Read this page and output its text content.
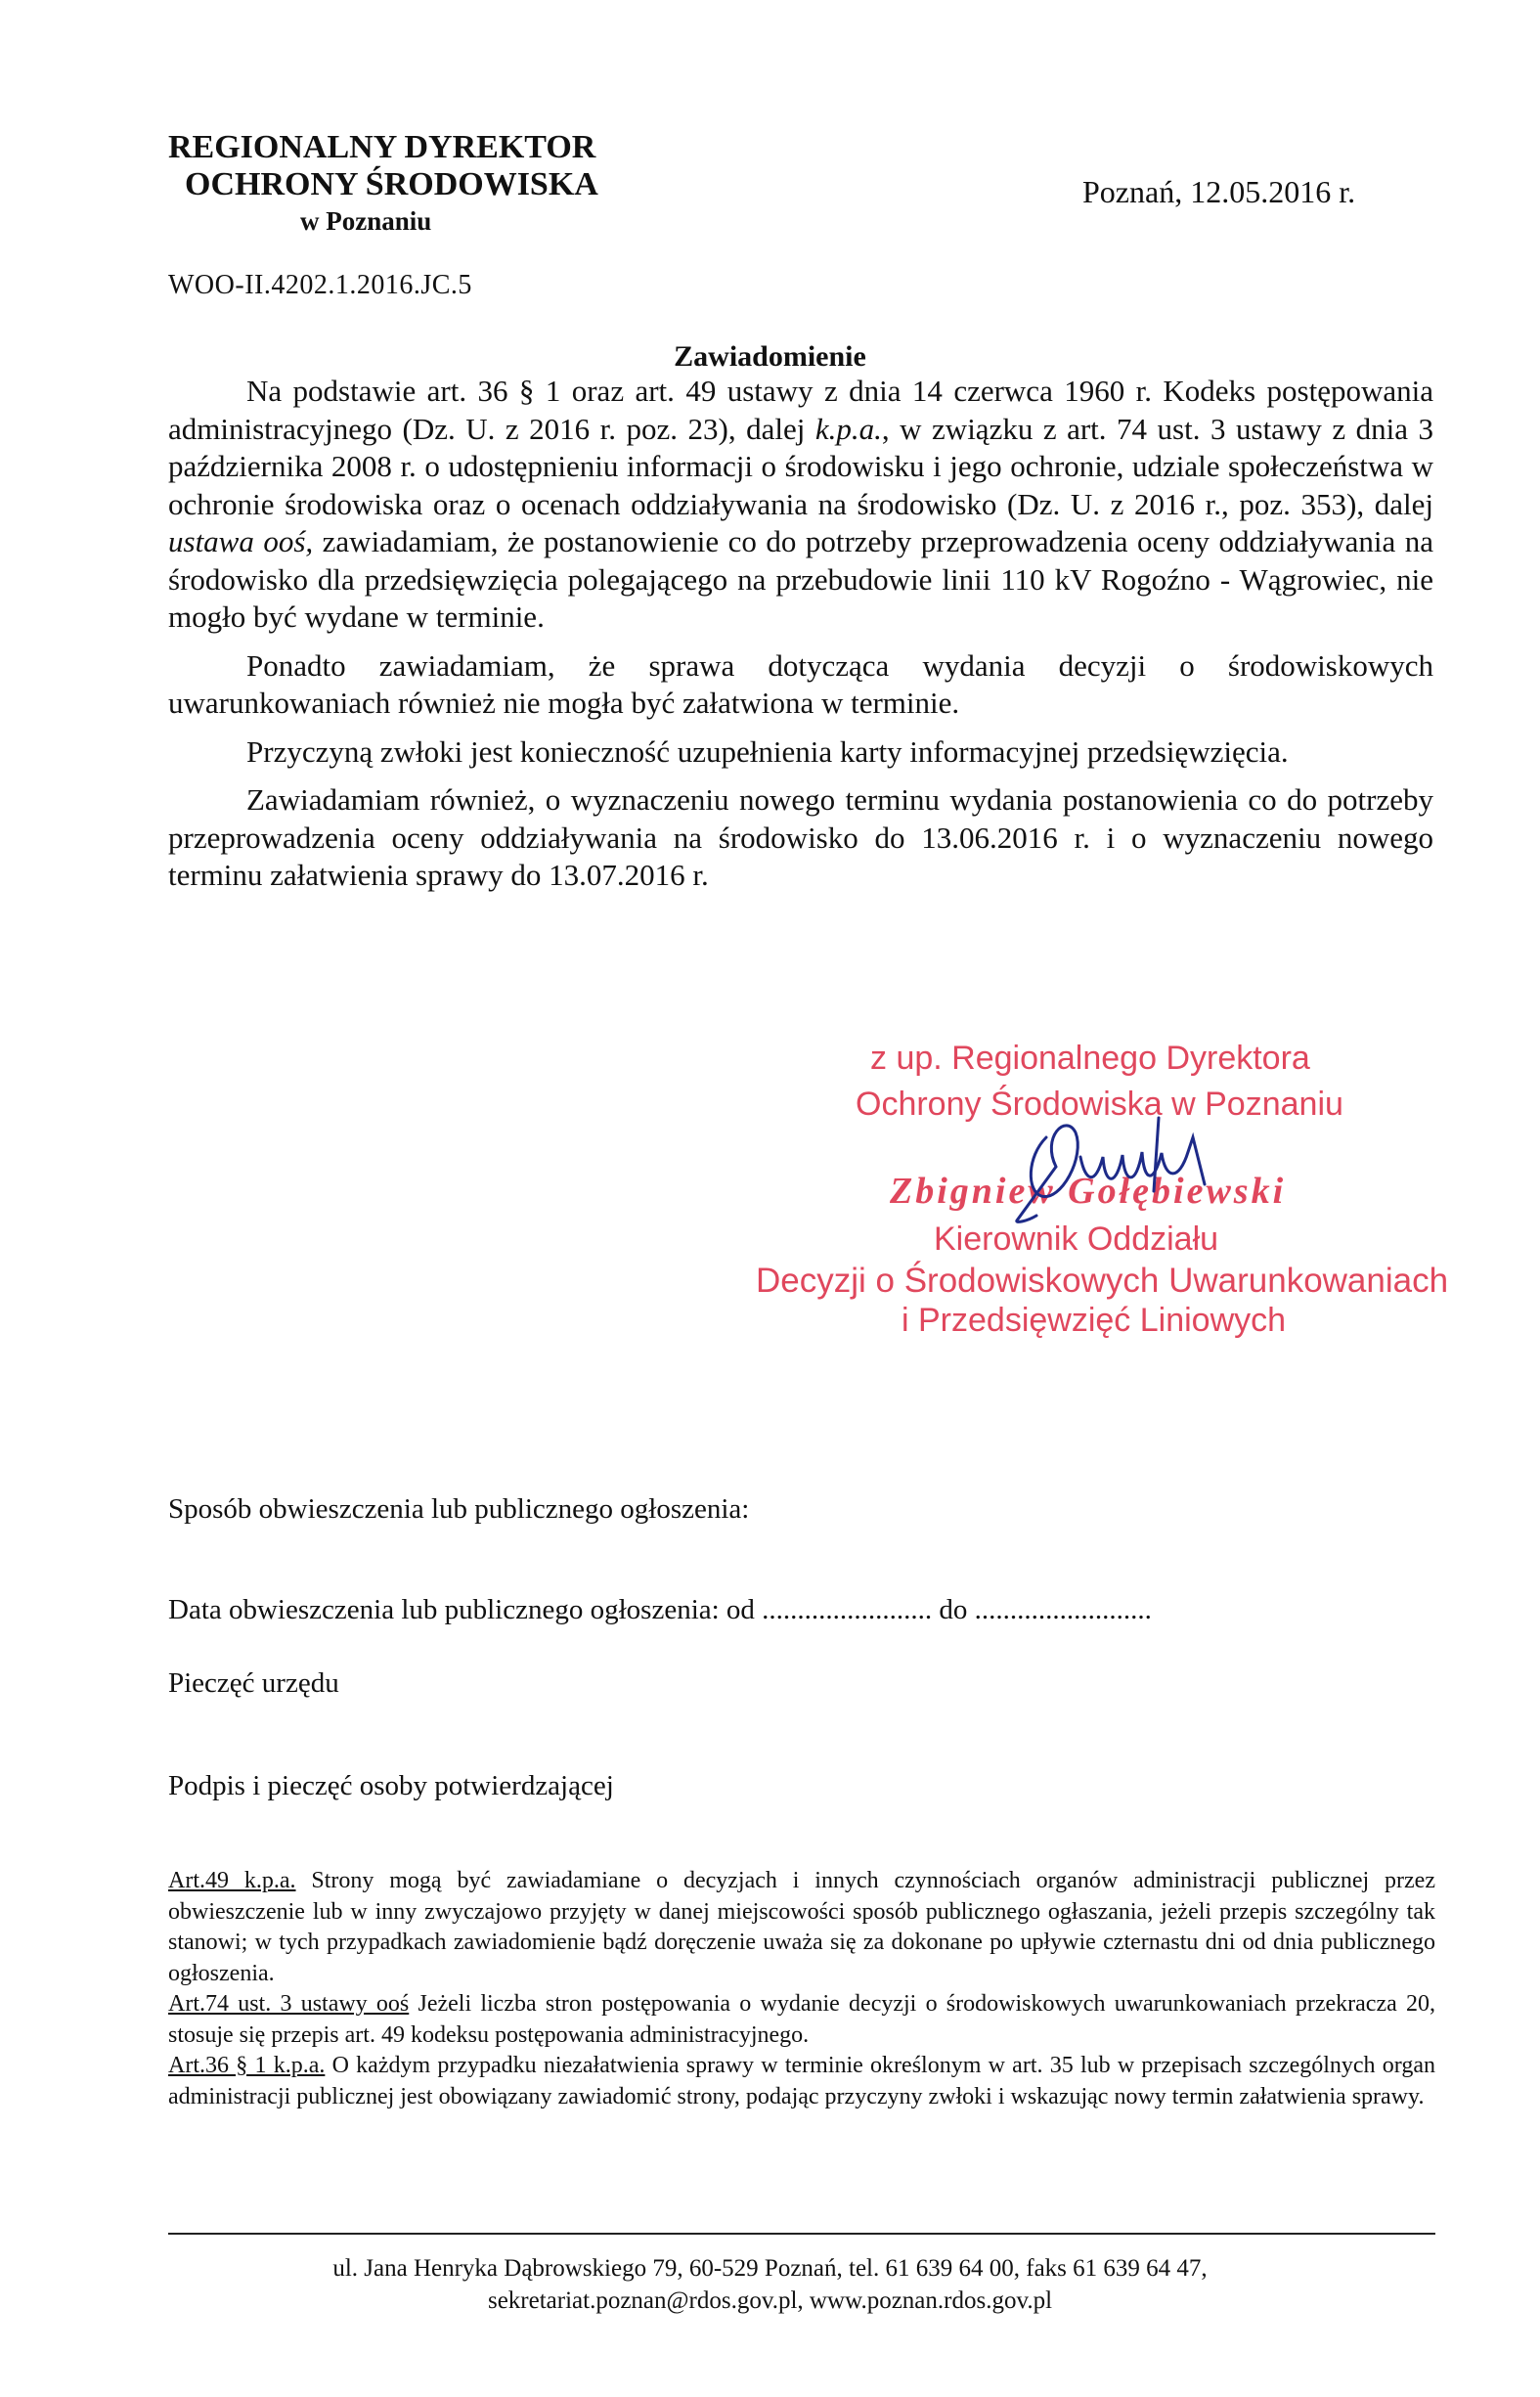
REGIONALNY DYREKTOR
OCHRONY ŚRODOWISKA
w Poznaniu
WOO-II.4202.1.2016.JC.5
Poznań, 12.05.2016 r.
Zawiadomienie

Na podstawie art. 36 § 1 oraz art. 49 ustawy z dnia 14 czerwca 1960 r. Kodeks postępowania administracyjnego (Dz. U. z 2016 r. poz. 23), dalej k.p.a., w związku z art. 74 ust. 3 ustawy z dnia 3 października 2008 r. o udostępnieniu informacji o środowisku i jego ochronie, udziale społeczeństwa w ochronie środowiska oraz o ocenach oddziaływania na środowisko (Dz. U. z 2016 r., poz. 353), dalej ustawa ooś, zawiadamiam, że postanowienie co do potrzeby przeprowadzenia oceny oddziaływania na środowisko dla przedsięwzięcia polegającego na przebudowie linii 110 kV Rogoźno - Wągrowiec, nie mogło być wydane w terminie.

Ponadto zawiadamiam, że sprawa dotycząca wydania decyzji o środowiskowych uwarunkowaniach również nie mogła być załatwiona w terminie.

Przyczyną zwłoki jest konieczność uzupełnienia karty informacyjnej przedsięwzięcia.

Zawiadamiam również, o wyznaczeniu nowego terminu wydania postanowienia co do potrzeby przeprowadzenia oceny oddziaływania na środowisko do 13.06.2016 r. i o wyznaczeniu nowego terminu załatwienia sprawy do 13.07.2016 r.

z up. Regionalnego Dyrektora
Ochrony Środowiska w Poznaniu
Zbigniew Gołębiewski
Kierownik Oddziału
Decyzji o Środowiskowych Uwarunkowaniach
i Przedsięwzięć Liniowych
Sposób obwieszczenia lub publicznego ogłoszenia:
Data obwieszczenia lub publicznego ogłoszenia: od ........................ do .........................
Pieczęć urzędu
Podpis i pieczęć osoby potwierdzającej

Art.49 k.p.a. Strony mogą być zawiadamiane o decyzjach i innych czynnościach organów administracji publicznej przez obwieszczenie lub w inny zwyczajowo przyjęty w danej miejscowości sposób publicznego ogłaszania, jeżeli przepis szczególny tak stanowi; w tych przypadkach zawiadomienie bądź doręczenie uważa się za dokonane po upływie czternastu dni od dnia publicznego ogłoszenia.

Art.74 ust. 3 ustawy ooś Jeżeli liczba stron postępowania o wydanie decyzji o środowiskowych uwarunkowaniach przekracza 20, stosuje się przepis art. 49 kodeksu postępowania administracyjnego.

Art.36 § 1 k.p.a. O każdym przypadku niezałatwienia sprawy w terminie określonym w art. 35 lub w przepisach szczególnych organ administracji publicznej jest obowiązany zawiadomić strony, podając przyczyny zwłoki i wskazując nowy termin załatwienia sprawy.

ul. Jana Henryka Dąbrowskiego 79, 60-529 Poznań, tel. 61 639 64 00, faks 61 639 64 47,
sekretariat.poznan@rdos.gov.pl, www.poznan.rdos.gov.pl
